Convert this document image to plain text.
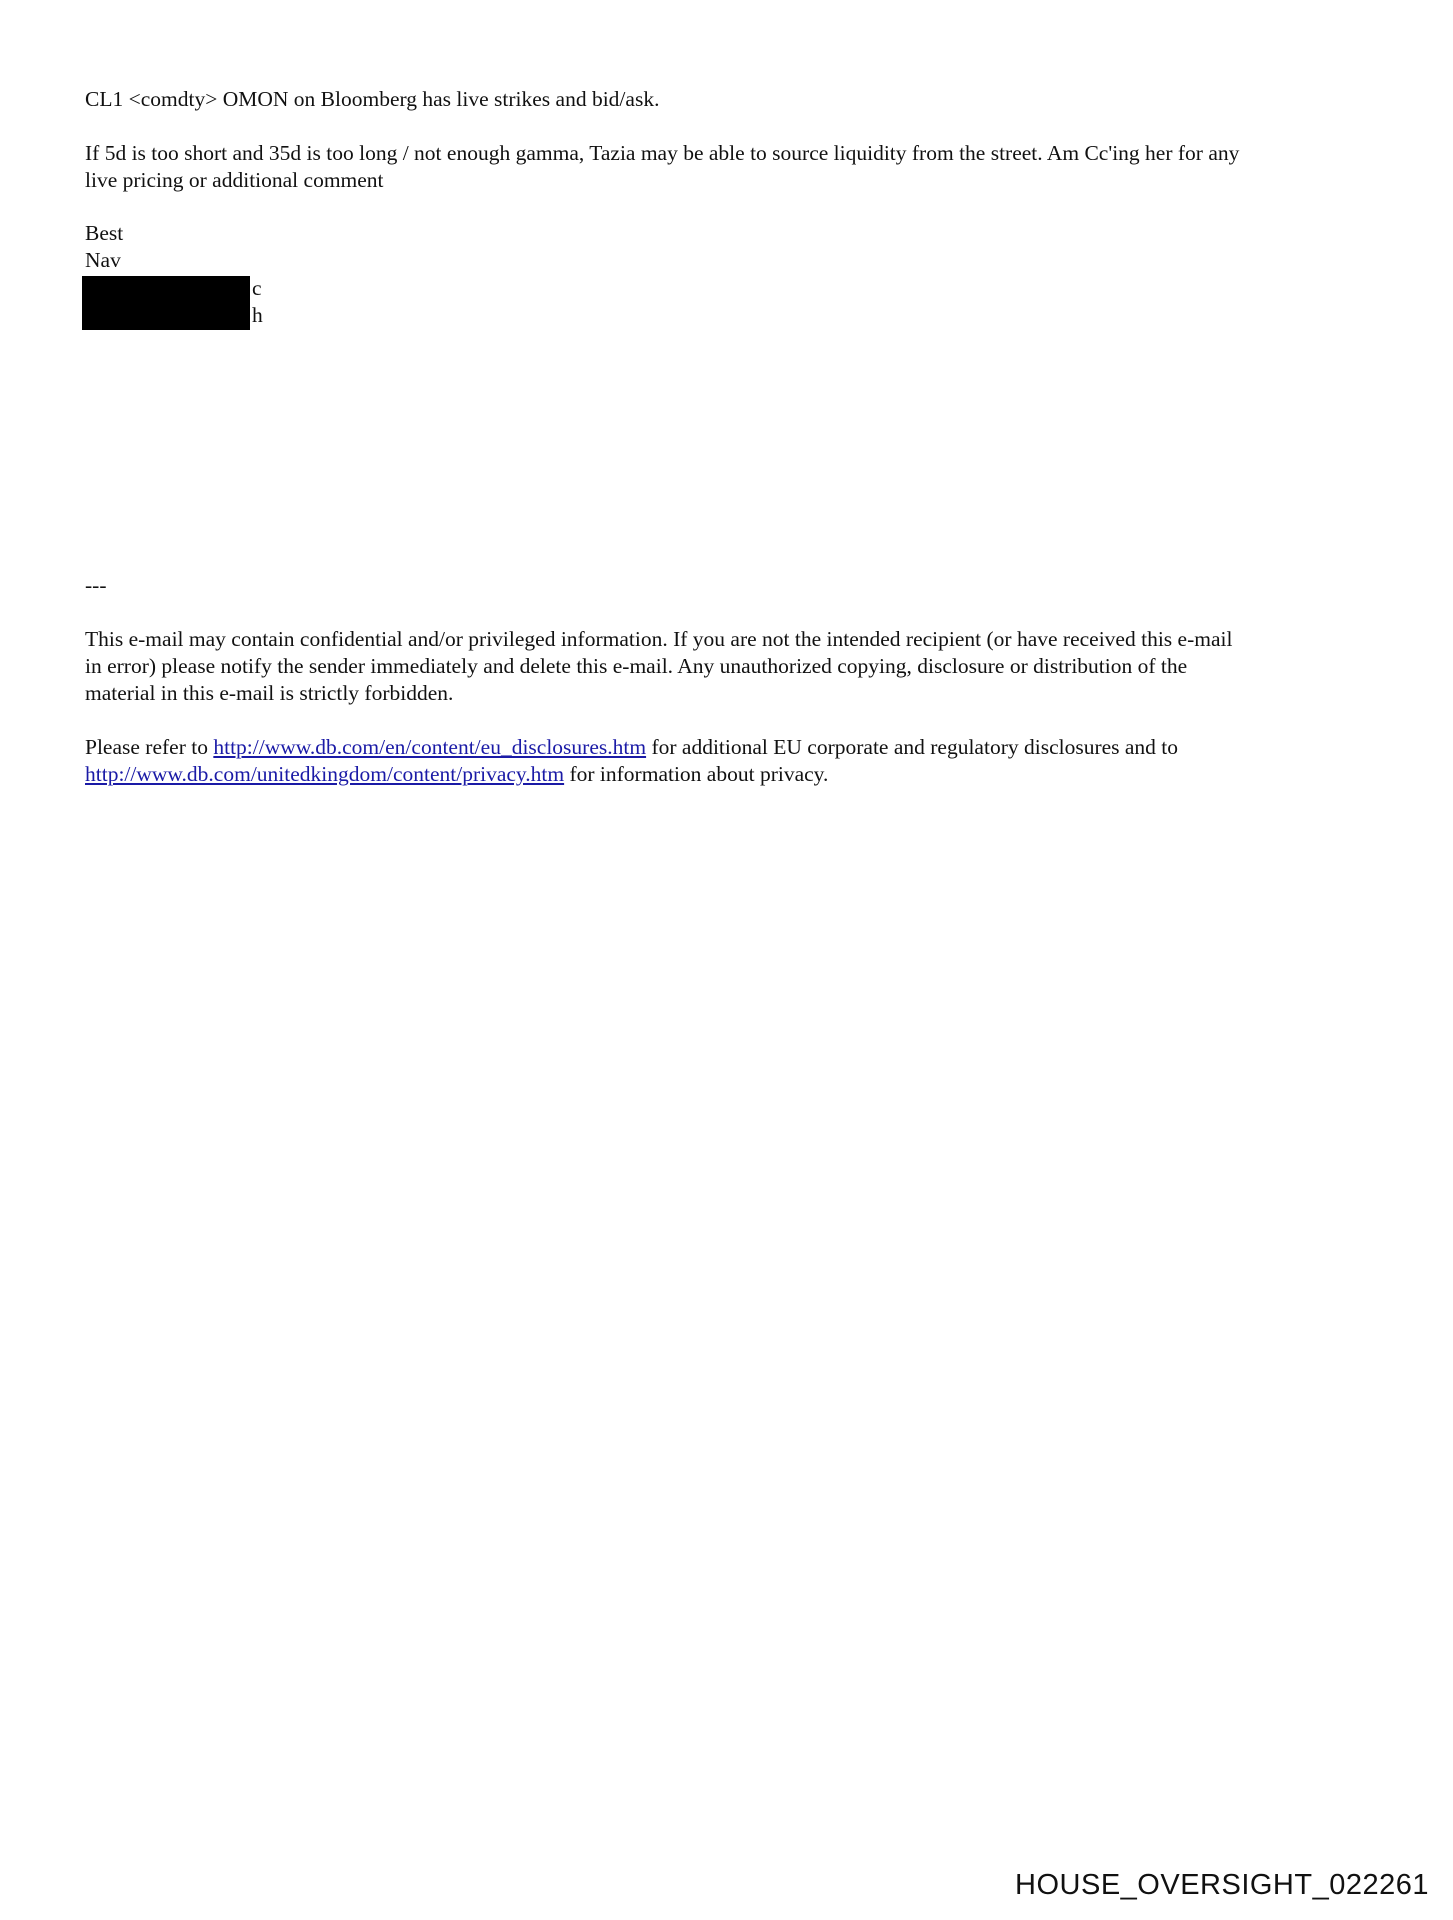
CL1 <comdty> OMON on Bloomberg has live strikes and bid/ask.

If 5d is too short and 35d is too long / not enough gamma, Tazia may be able to source liquidity from the street. Am Cc'ing her for any
live pricing or additional comment

Best
Nav

c
h

---

This e-mail may contain confidential and/or privileged information. If you are not the intended recipient (or have received this e-mail
in error) please notify the sender immediately and delete this e-mail. Any unauthorized copying, disclosure or distribution of the
material in this e-mail is strictly forbidden.

Please refer to http://www.db.com/en/content/eu_disclosures.htm for additional EU corporate and regulatory disclosures and to
http://www.db.com/unitedkingdom/content/privacy.htm for information about privacy.

HOUSE_OVERSIGHT_022261
